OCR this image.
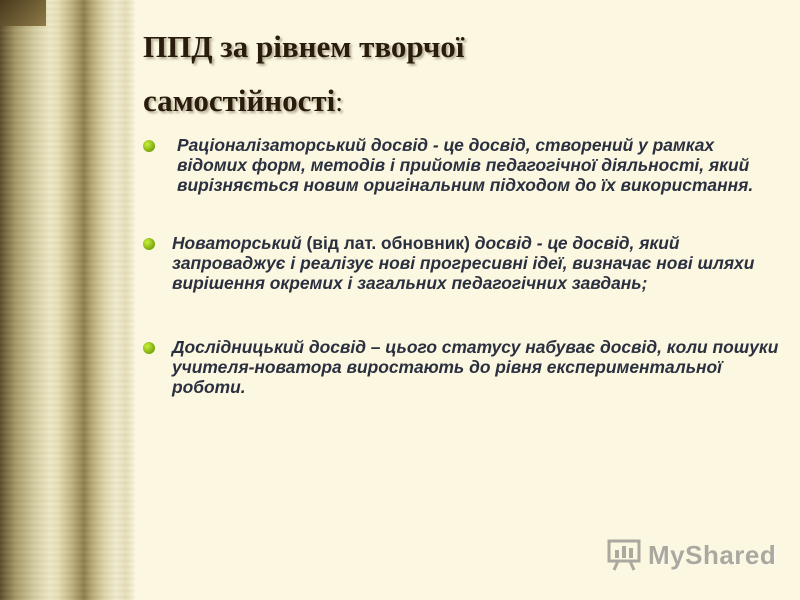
ППД за рівнем творчої
самостійності:
Раціоналізаторський досвід - це досвід, створений у рамках відомих форм, методів і прийомів педагогічної діяльності, який вирізняється новим оригінальним підходом до їх використання.
Новаторський (від лат. обновник) досвід - це досвід, який запроваджує і реалізує нові прогресивні ідеї, визначає нові шляхи вирішення окремих і загальних педагогічних завдань;
Дослідницький досвід – цього статусу набуває досвід, коли пошуки учителя-новатора виростають до рівня експериментальної роботи.
MyShared
